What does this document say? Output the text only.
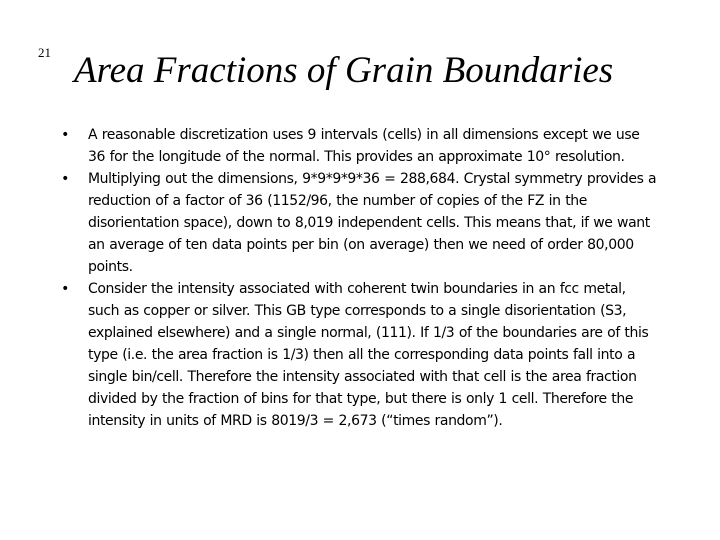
21 Area Fractions of Grain Boundaries
• A reasonable discretization uses 9 intervals (cells) in all dimensions except we use 36 for the longitude of the normal. This provides an approximate 10° resolution.
• Multiplying out the dimensions, 9*9*9*9*36 = 288,684. Crystal symmetry provides a reduction of a factor of 36 (1152/96, the number of copies of the FZ in the disorientation space), down to 8,019 independent cells. This means that, if we want an average of ten data points per bin (on average) then we need of order 80,000 points.
• Consider the intensity associated with coherent twin boundaries in an fcc metal, such as copper or silver. This GB type corresponds to a single disorientation (S3, explained elsewhere) and a single normal, (111). If 1/3 of the boundaries are of this type (i.e. the area fraction is 1/3) then all the corresponding data points fall into a single bin/cell. Therefore the intensity associated with that cell is the area fraction divided by the fraction of bins for that type, but there is only 1 cell. Therefore the intensity in units of MRD is 8019/3 = 2,673 (“times random”).
